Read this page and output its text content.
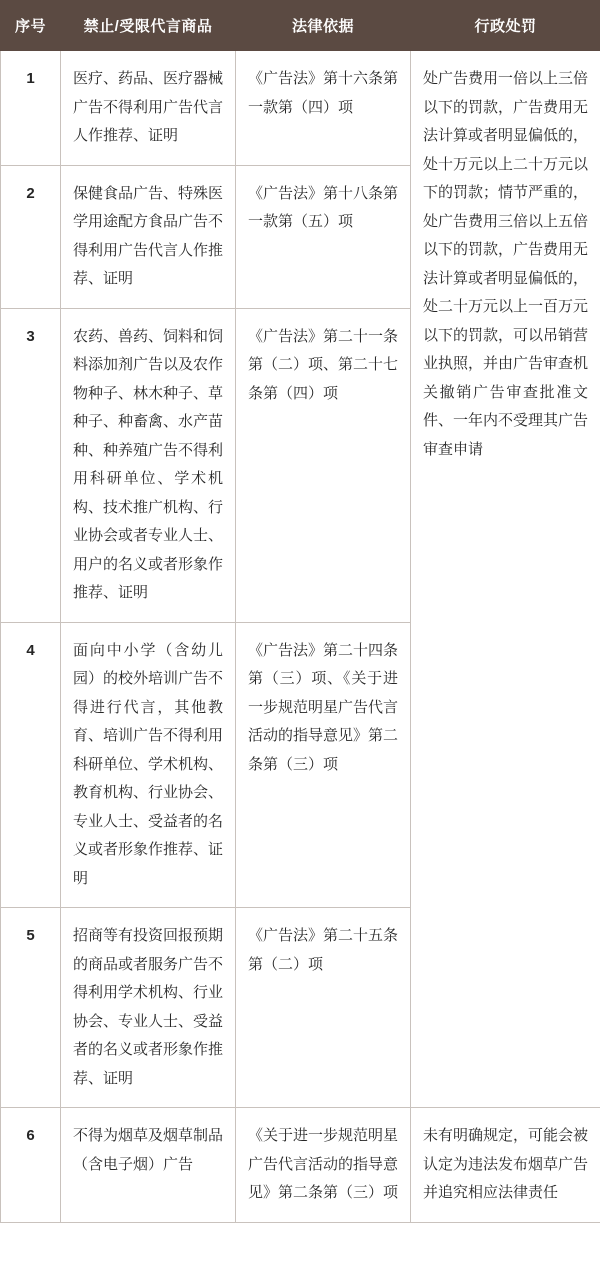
序号	禁止/受限代言商品	法律依据	行政处罚
1	医疗、药品、医疗器械广告不得利用广告代言人作推荐、证明	《广告法》第十六条第一款第（四）项	处广告费用一倍以上三倍以下的罚款，广告费用无法计算或者明显偏低的，处十万元以上二十万元以下的罚款；情节严重的，处广告费用三倍以上五倍以下的罚款，广告费用无法计算或者明显偏低的，处二十万元以上一百万元以下的罚款，可以吊销营业执照，并由广告审查机关撤销广告审查批准文件、一年内不受理其广告审查申请
2	保健食品广告、特殊医学用途配方食品广告不得利用广告代言人作推荐、证明	《广告法》第十八条第一款第（五）项	
3	农药、兽药、饲料和饲料添加剂广告以及农作物种子、林木种子、草种子、种畜禽、水产苗种、种养殖广告不得利用科研单位、学术机构、技术推广机构、行业协会或者专业人士、用户的名义或者形象作推荐、证明	《广告法》第二十一条第（二）项、第二十七条第（四）项	
4	面向中小学（含幼儿园）的校外培训广告不得进行代言，其他教育、培训广告不得利用科研单位、学术机构、教育机构、行业协会、专业人士、受益者的名义或者形象作推荐、证明	《广告法》第二十四条第（三）项、《关于进一步规范明星广告代言活动的指导意见》第二条第（三）项	
5	招商等有投资回报预期的商品或者服务广告不得利用学术机构、行业协会、专业人士、受益者的名义或者形象作推荐、证明	《广告法》第二十五条第（二）项	
6	不得为烟草及烟草制品（含电子烟）广告	《关于进一步规范明星广告代言活动的指导意见》第二条第（三）项	未有明确规定，可能会被认定为违法发布烟草广告并追究相应法律责任
